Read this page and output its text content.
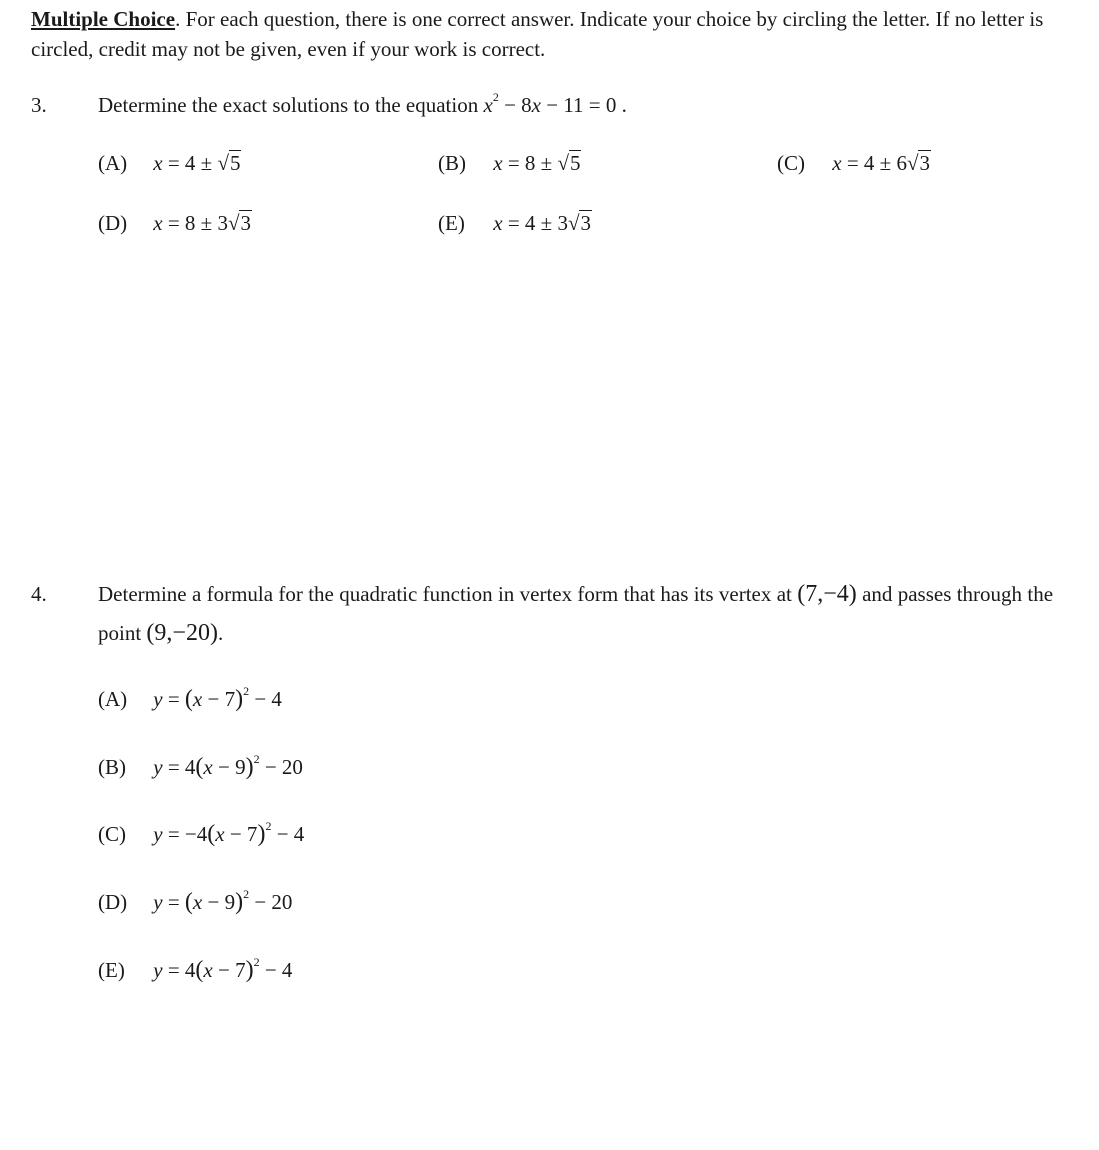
Multiple Choice. For each question, there is one correct answer. Indicate your choice by circling the letter. If no letter is circled, credit may not be given, even if your work is correct.
3. Determine the exact solutions to the equation $x^2 - 8x - 11 = 0$ .
(A) x = 4 ± √5	(B) x = 8 ± √5	(C) x = 4 ± 6√3
(D) x = 8 ± 3√3	(E) x = 4 ± 3√3
4. Determine a formula for the quadratic function in vertex form that has its vertex at (7,−4) and passes through the point (9,−20).
(A) $y = (x - 7)^2 - 4$
(B) $y = 4(x - 9)^2 - 20$
(C) $y = -4(x - 7)^2 - 4$
(D) $y = (x - 9)^2 - 20$
(E) $y = 4(x - 7)^2 - 4$
